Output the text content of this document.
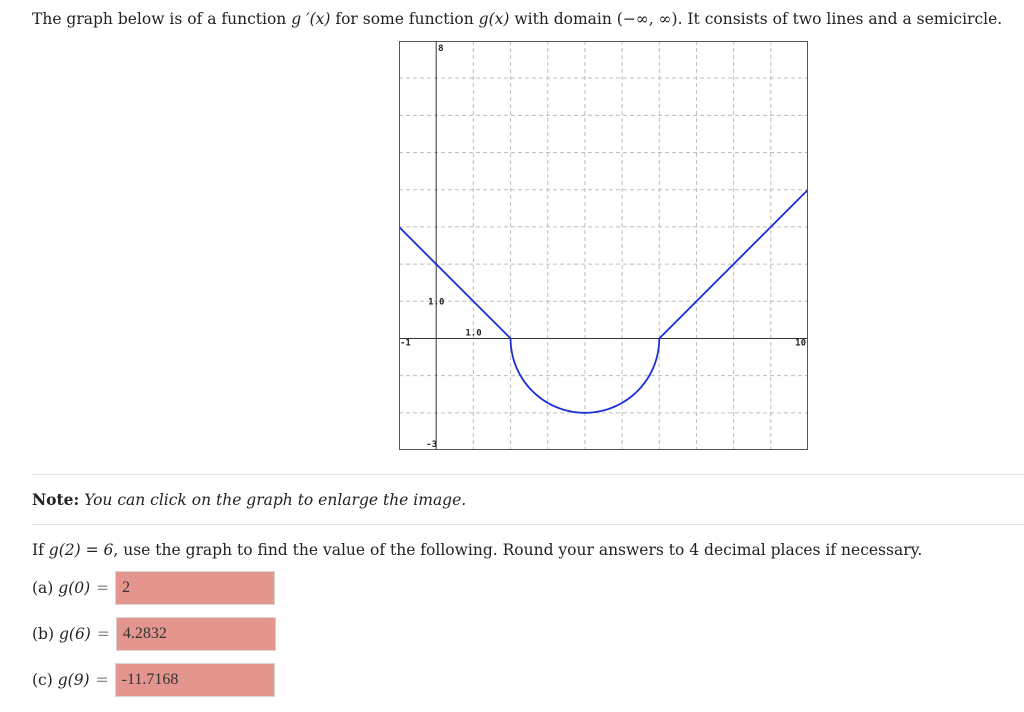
The graph below is of a function g ′(x) for some function g(x) with domain (−∞, ∞). It consists of two lines and a semicircle.
8
1.0
1.0
-1	10
-3
Note: You can click on the graph to enlarge the image.
If g(2) = 6, use the graph to find the value of the following. Round your answers to 4 decimal places if necessary.
(a)
g(0) =
2
(b)
g(6) =
4.2832
(c)
g(9) =
-11.7168
